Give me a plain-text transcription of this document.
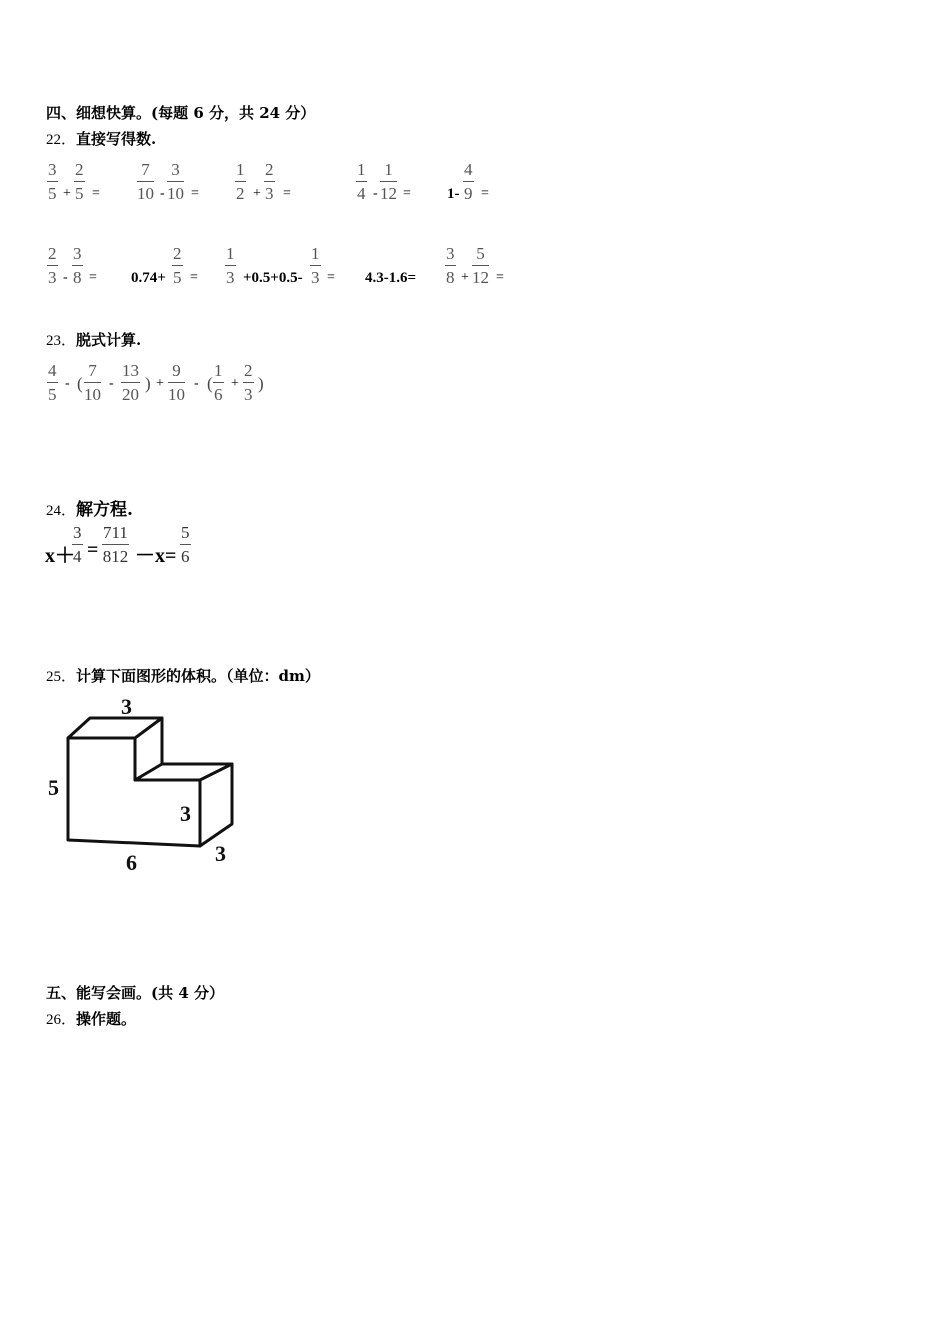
四、细想快算。(每题 6 分，共 24 分）
22．直接写得数.
3
5 +
2
5 =
7
10 -
3
10 =
1
2 +
2
3 =
1
4 -
1
12 = 1-
4
9 =
2
3 -
3
8 = 0.74+
2
5 =
1
3 +0.5+0.5-
1
3 = 4.3-1.6=
3
8 +
5
12 =
23．脱式计算.
4
5
- (
7
10
-
13
20
) +
9
10
- (
1
6
+
2
3
)
24．解方程.
x＋
3
4 =
711
812 －x=
5
6
25．计算下面图形的体积。（单位：dm）
3
5
3
6	3
五、能写会画。(共 4 分）
26．操作题。
